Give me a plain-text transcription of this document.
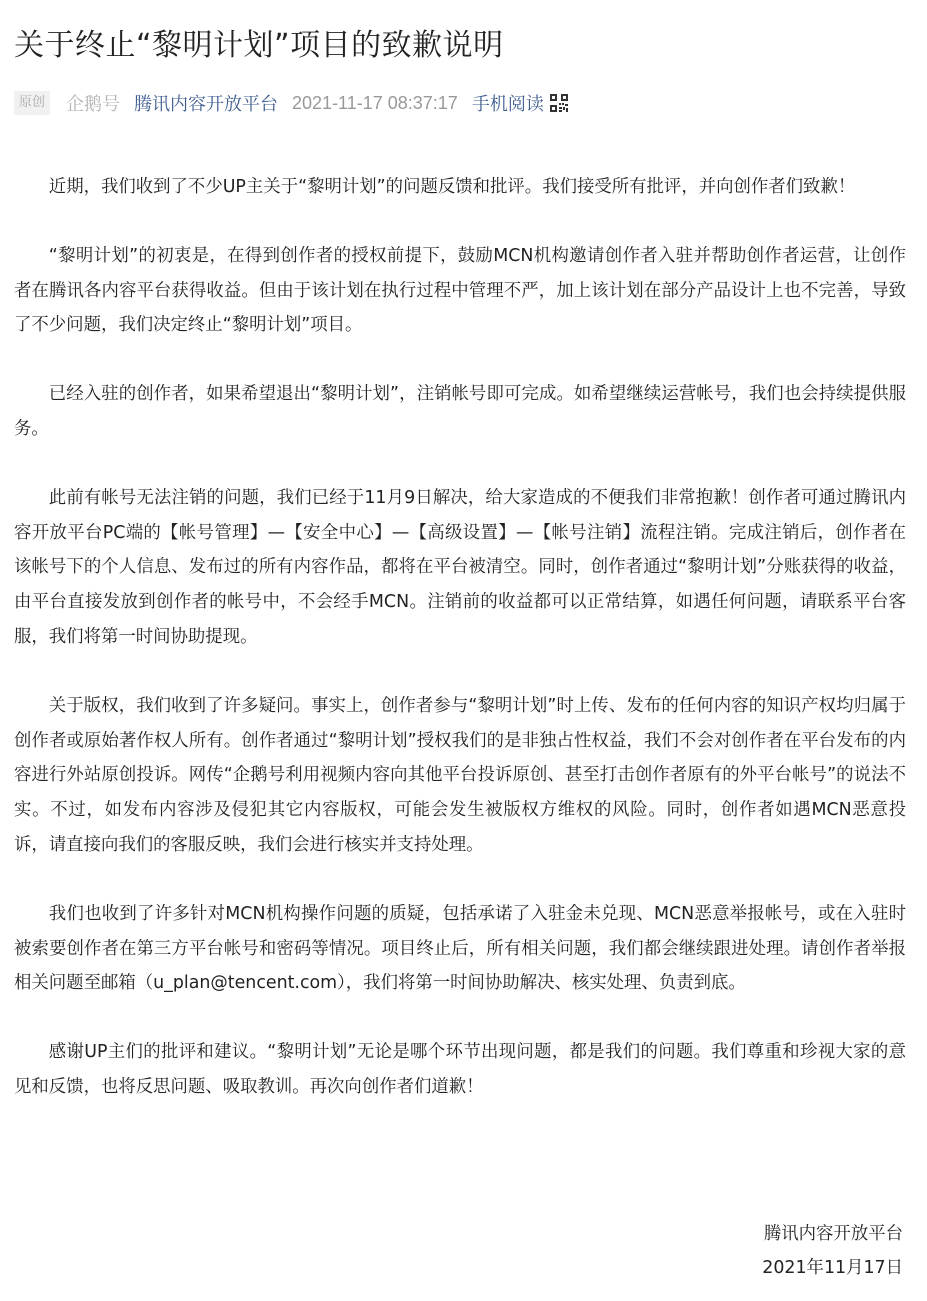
关于终止“黎明计划”项目的致歉说明
原创 企鹅号 腾讯内容开放平台 2021-11-17 08:37:17 手机阅读

近期，我们收到了不少UP主关于“黎明计划”的问题反馈和批评。我们接受所有批评，并向创作者们致歉！

“黎明计划”的初衷是，在得到创作者的授权前提下，鼓励MCN机构邀请创作者入驻并帮助创作者运营，让创作者在腾讯各内容平台获得收益。但由于该计划在执行过程中管理不严，加上该计划在部分产品设计上也不完善，导致了不少问题，我们决定终止“黎明计划”项目。

已经入驻的创作者，如果希望退出“黎明计划”，注销帐号即可完成。如希望继续运营帐号，我们也会持续提供服务。

此前有帐号无法注销的问题，我们已经于11月9日解决，给大家造成的不便我们非常抱歉！创作者可通过腾讯内容开放平台PC端的【帐号管理】—【安全中心】—【高级设置】—【帐号注销】流程注销。完成注销后，创作者在该帐号下的个人信息、发布过的所有内容作品，都将在平台被清空。同时，创作者通过“黎明计划”分账获得的收益，由平台直接发放到创作者的帐号中，不会经手MCN。注销前的收益都可以正常结算，如遇任何问题，请联系平台客服，我们将第一时间协助提现。

关于版权，我们收到了许多疑问。事实上，创作者参与“黎明计划”时上传、发布的任何内容的知识产权均归属于创作者或原始著作权人所有。创作者通过“黎明计划”授权我们的是非独占性权益，我们不会对创作者在平台发布的内容进行外站原创投诉。网传“企鹅号利用视频内容向其他平台投诉原创、甚至打击创作者原有的外平台帐号”的说法不实。不过，如发布内容涉及侵犯其它内容版权，可能会发生被版权方维权的风险。同时，创作者如遇MCN恶意投诉，请直接向我们的客服反映，我们会进行核实并支持处理。

我们也收到了许多针对MCN机构操作问题的质疑，包括承诺了入驻金未兑现、MCN恶意举报帐号，或在入驻时被索要创作者在第三方平台帐号和密码等情况。项目终止后，所有相关问题，我们都会继续跟进处理。请创作者举报相关问题至邮箱（u_plan@tencent.com），我们将第一时间协助解决、核实处理、负责到底。

感谢UP主们的批评和建议。“黎明计划”无论是哪个环节出现问题，都是我们的问题。我们尊重和珍视大家的意见和反馈，也将反思问题、吸取教训。再次向创作者们道歉！

腾讯内容开放平台
2021年11月17日
